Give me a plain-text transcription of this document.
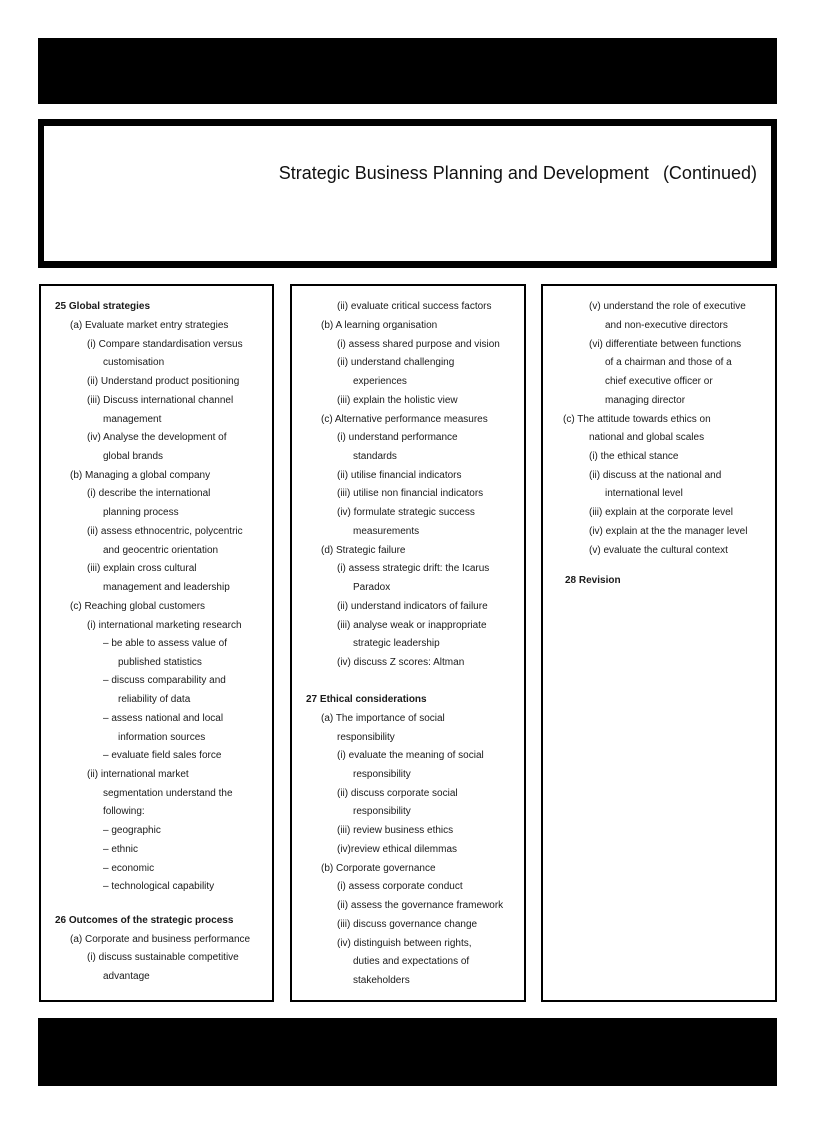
Strategic Business Planning and Development (Continued)
25 Global strategies
(a) Evaluate market entry strategies
(i) Compare standardisation versus
customisation
(ii) Understand product positioning
(iii) Discuss international channel
management
(iv) Analyse the development of
global brands
(b) Managing a global company
(i) describe the international
planning process
(ii) assess ethnocentric, polycentric
and geocentric orientation
(iii) explain cross cultural
management and leadership
(c) Reaching global customers
(i) international marketing research
– be able to assess value of
published statistics
– discuss comparability and
reliability of data
– assess national and local
information sources
– evaluate field sales force
(ii) international market
segmentation understand the
following:
– geographic
– ethnic
– economic
– technological capability
26 Outcomes of the strategic process
(a) Corporate and business performance
(i) discuss sustainable competitive
advantage
(ii) evaluate critical success factors
(b) A learning organisation
(i) assess shared purpose and vision
(ii) understand challenging
experiences
(iii) explain the holistic view
(c) Alternative performance measures
(i) understand performance
standards
(ii) utilise financial indicators
(iii) utilise non financial indicators
(iv) formulate strategic success
measurements
(d) Strategic failure
(i) assess strategic drift: the Icarus
Paradox
(ii) understand indicators of failure
(iii) analyse weak or inappropriate
strategic leadership
(iv) discuss Z scores: Altman
27 Ethical considerations
(a) The importance of social
responsibility
(i) evaluate the meaning of social
responsibility
(ii) discuss corporate social
responsibility
(iii) review business ethics
(iv)review ethical dilemmas
(b) Corporate governance
(i) assess corporate conduct
(ii) assess the governance framework
(iii) discuss governance change
(iv) distinguish between rights,
duties and expectations of
stakeholders
(v) understand the role of executive
and non-executive directors
(vi) differentiate between functions
of a chairman and those of a
chief executive officer or
managing director
(c) The attitude towards ethics on
national and global scales
(i) the ethical stance
(ii) discuss at the national and
international level
(iii) explain at the corporate level
(iv) explain at the the manager level
(v) evaluate the cultural context
28 Revision
